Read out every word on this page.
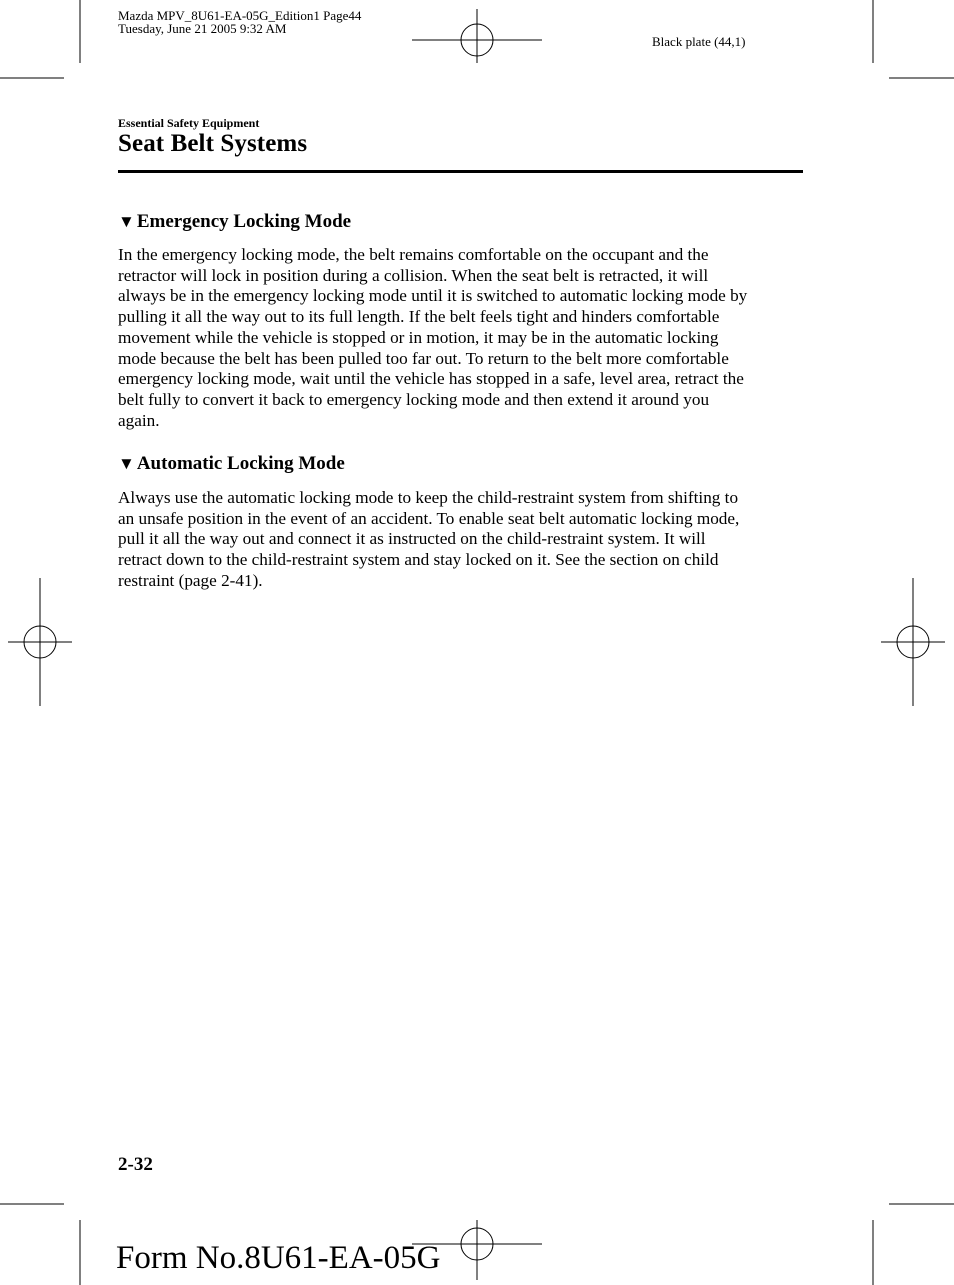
Mazda MPV_8U61-EA-05G_Edition1 Page44
Tuesday, June 21 2005 9:32 AM
Black plate (44,1)
Essential Safety Equipment
Seat Belt Systems
▼ Emergency Locking Mode
In the emergency locking mode, the belt remains comfortable on the occupant and the
retractor will lock in position during a collision. When the seat belt is retracted, it will
always be in the emergency locking mode until it is switched to automatic locking mode by
pulling it all the way out to its full length. If the belt feels tight and hinders comfortable
movement while the vehicle is stopped or in motion, it may be in the automatic locking
mode because the belt has been pulled too far out. To return to the belt more comfortable
emergency locking mode, wait until the vehicle has stopped in a safe, level area, retract the
belt fully to convert it back to emergency locking mode and then extend it around you
again.
▼ Automatic Locking Mode
Always use the automatic locking mode to keep the child-restraint system from shifting to
an unsafe position in the event of an accident. To enable seat belt automatic locking mode,
pull it all the way out and connect it as instructed on the child-restraint system. It will
retract down to the child-restraint system and stay locked on it. See the section on child
restraint (page 2-41).
2-32
Form No.8U61-EA-05G
